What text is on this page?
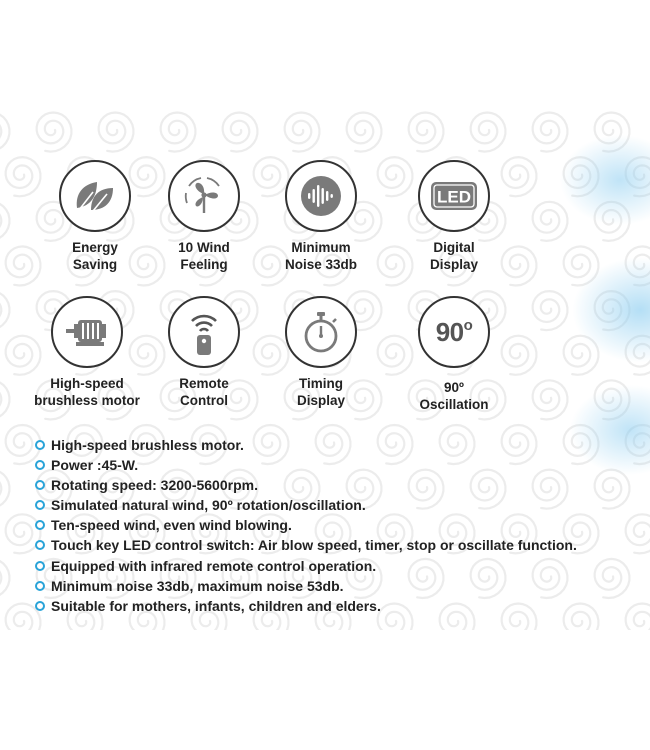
Energy
Saving
10 Wind
Feeling
Minimum
Noise 33db
LED
Digital
Display
High-speed
brushless motor
Remote
Control
Timing
Display
90$^o$
90º
Oscillation
High-speed brushless motor.
Power :45-W.
Rotating speed: 3200-5600rpm.
Simulated natural wind, 90º rotation/oscillation.
Ten-speed wind, even wind blowing.
Touch key LED control switch: Air blow speed, timer, stop or oscillate function.
Equipped with infrared remote control operation.
Minimum noise 33db, maximum noise 53db.
Suitable for mothers, infants, children and elders.
